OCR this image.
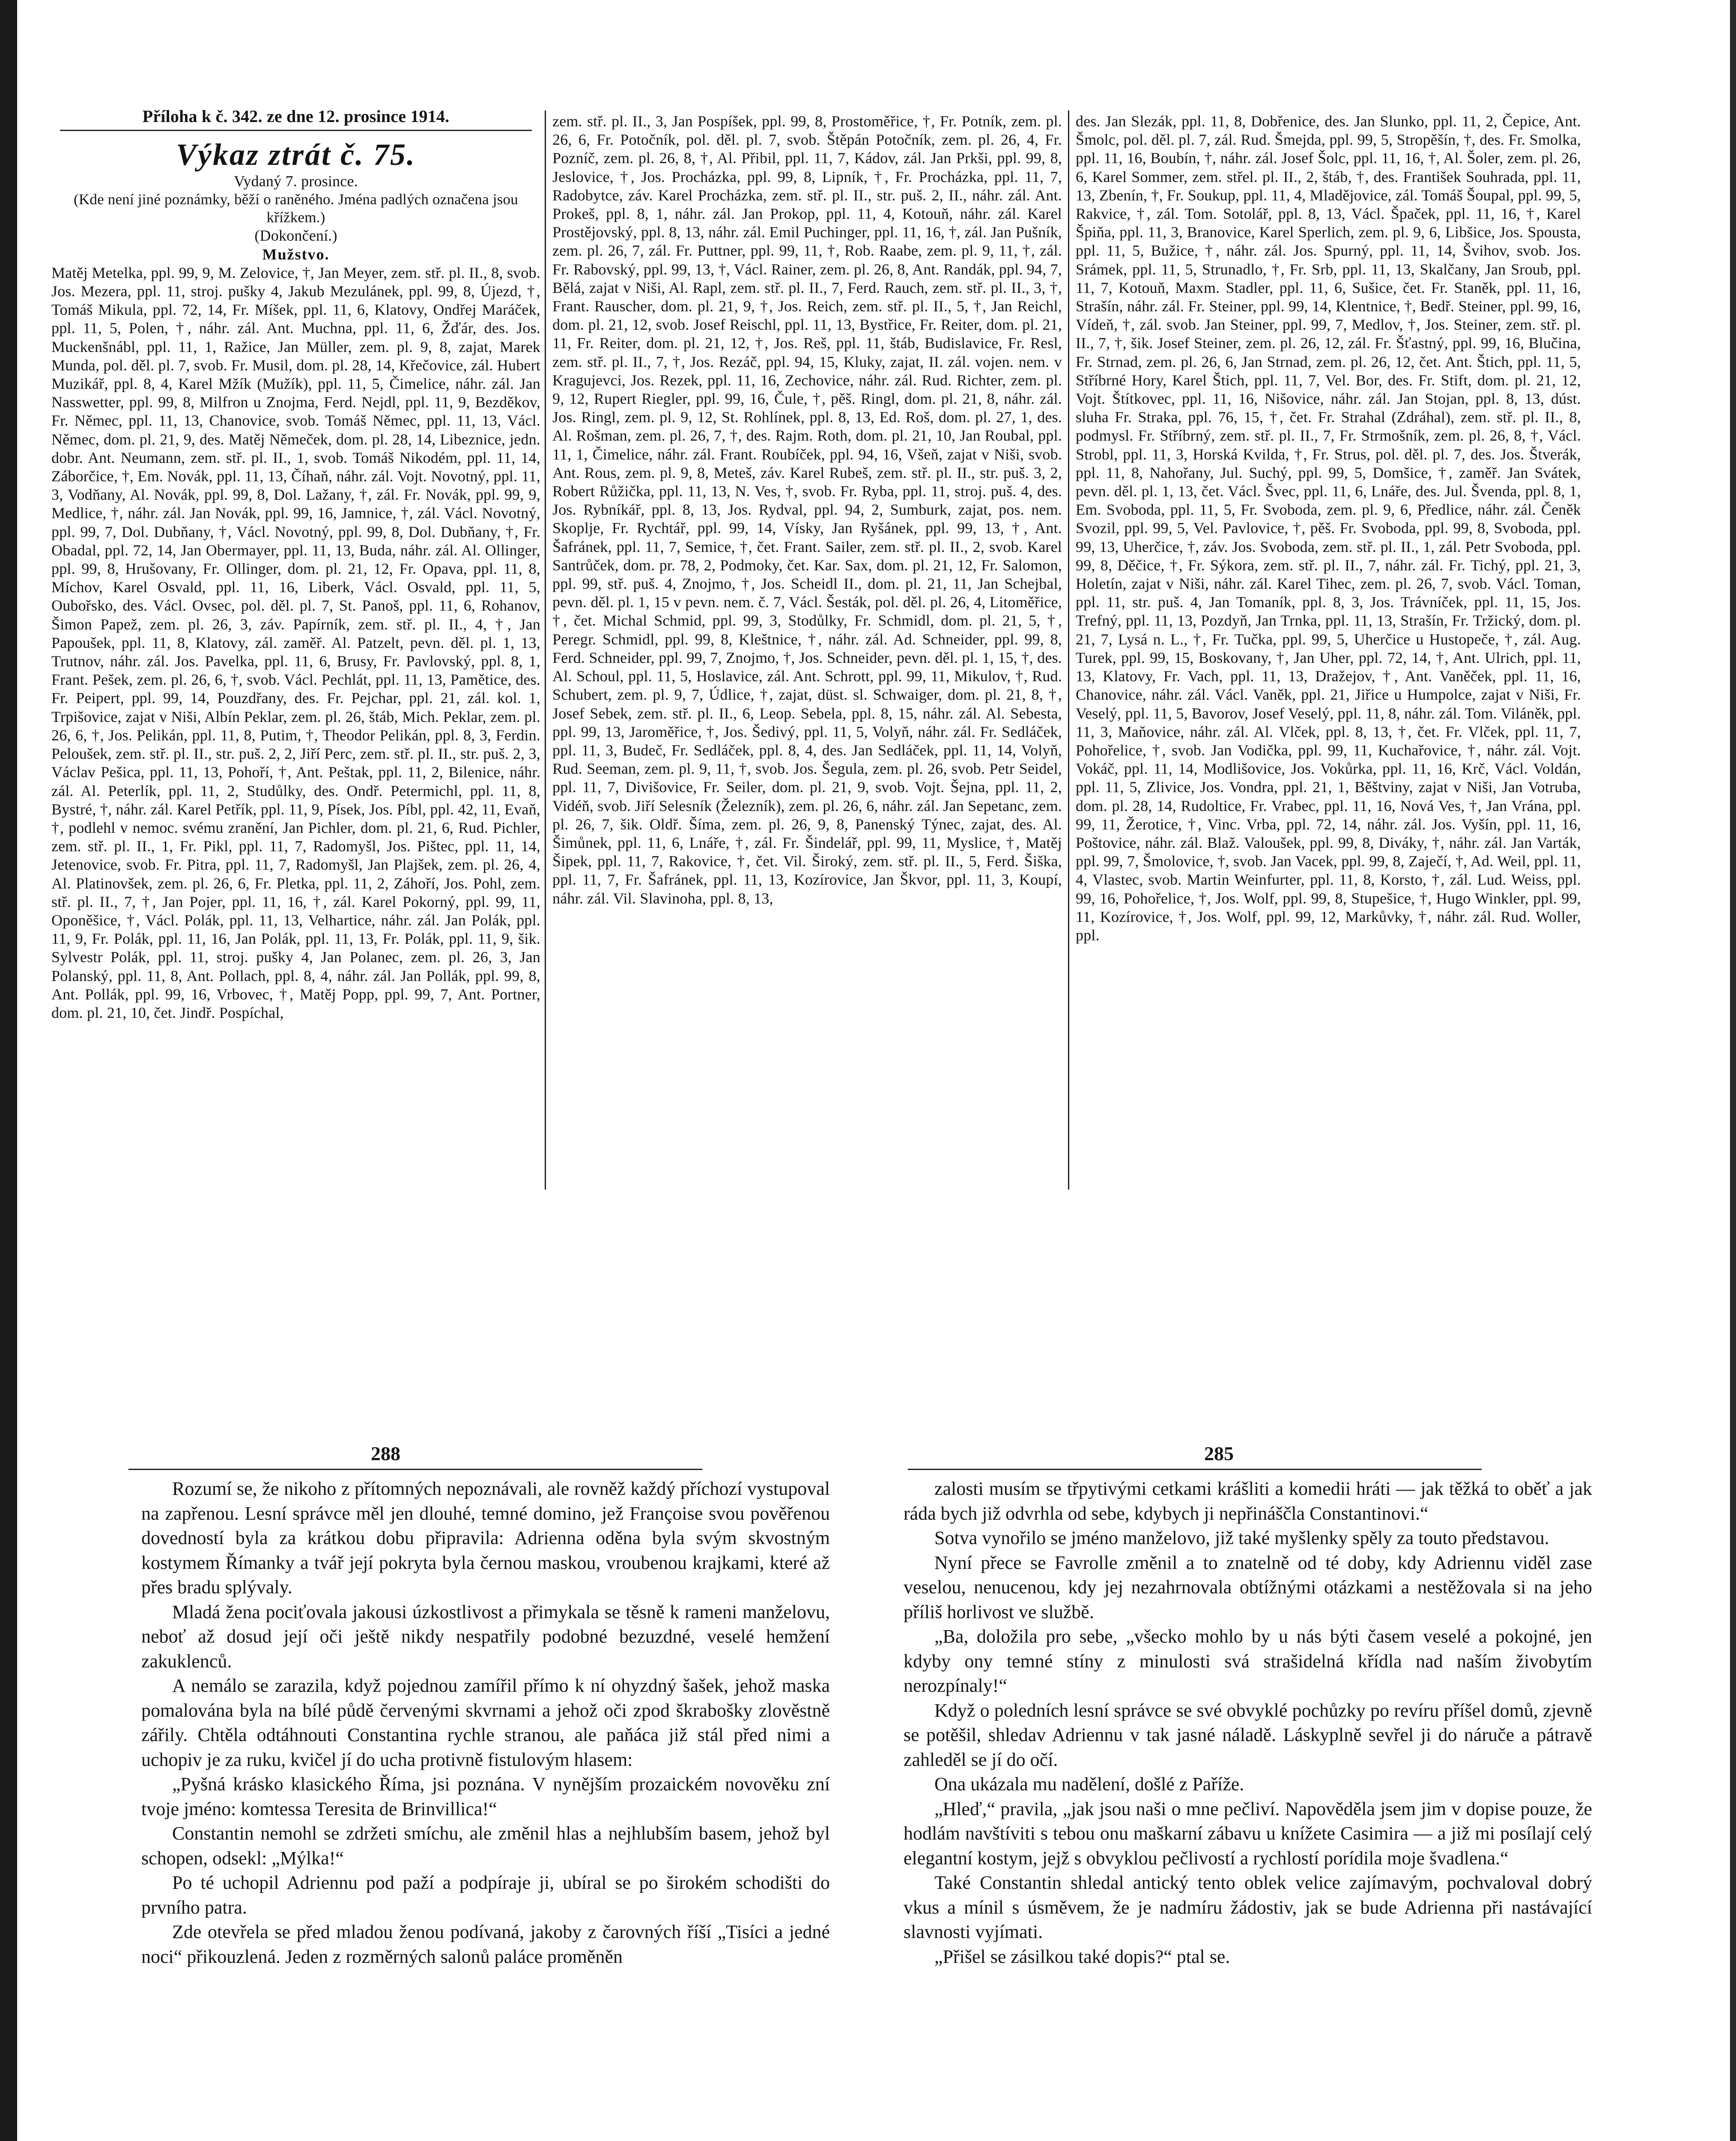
Příloha k č. 342. ze dne 12. prosince 1914.

Výkaz ztrát č. 75.

Vydaný 7. prosince.

(Kde není jiné poznámky, běží o raněného. Jména padlých označena jsou křížkem.)

(Dokončení.)

Mužstvo.

Matěj Metelka, ppl. 99, 9, M. Zelovice, †, Jan Meyer, zem. stř. pl. II., 8, svob. Jos. Mezera, ppl. 11, stroj. pušky 4, Jakub Mezulánek, ppl. 99, 8, Újezd, †, Tomáš Mikula, ppl. 72, 14, Fr. Míšek, ppl. 11, 6, Klatovy, Ondřej Maráček, ppl. 11, 5, Polen, †, náhr. zál. Ant. Muchna, ppl. 11, 6, Žďár, des. Jos. Muckenšnábl, ppl. 11, 1, Ražice, Jan Müller, zem. pl. 9, 8, zajat, Marek Munda, pol. děl. pl. 7, svob. Fr. Musil, dom. pl. 28, 14, Křečovice, zál. Hubert Muzikář, ppl. 8, 4, Karel Mžík (Mužík), ppl. 11, 5, Čimelice, náhr. zál. Jan Nasswetter, ppl. 99, 8, Milfron u Znojma, Ferd. Nejdl, ppl. 11, 9, Bezděkov, Fr. Němec, ppl. 11, 13, Chanovice, svob. Tomáš Němec, ppl. 11, 13, Václ. Němec, dom. pl. 21, 9, des. Matěj Němeček, dom. pl. 28, 14, Libeznice, jedn. dobr. Ant. Neumann, zem. stř. pl. II., 1, svob. Tomáš Nikodém, ppl. 11, 14, Záborčice, †, Em. Novák, ppl. 11, 13, Číhaň, náhr. zál. Vojt. Novotný, ppl. 11, 3, Vodňany, Al. Novák, ppl. 99, 8, Dol. Lažany, †, zál. Fr. Novák, ppl. 99, 9, Medlice, †, náhr. zál. Jan Novák, ppl. 99, 16, Jamnice, †, zál. Václ. Novotný, ppl. 99, 7, Dol. Dubňany, †, Václ. Novotný, ppl. 99, 8, Dol. Dubňany, †, Fr. Obadal, ppl. 72, 14, Jan Obermayer, ppl. 11, 13, Buda, náhr. zál. Al. Ollinger, ppl. 99, 8, Hrušovany, Fr. Ollinger, dom. pl. 21, 12, Fr. Opava, ppl. 11, 8, Míchov, Karel Osvald, ppl. 11, 16, Liberk, Václ. Osvald, ppl. 11, 5, Oubořsko, des. Václ. Ovsec, pol. děl. pl. 7, St. Panoš, ppl. 11, 6, Rohanov, Šimon Papež, zem. pl. 26, 3, záv. Papírník, zem. stř. pl. II., 4, †, Jan Papoušek, ppl. 11, 8, Klatovy, zál. zaměř. Al. Patzelt, pevn. děl. pl. 1, 13, Trutnov, náhr. zál. Jos. Pavelka, ppl. 11, 6, Brusy, Fr. Pavlovský, ppl. 8, 1, Frant. Pešek, zem. pl. 26, 6, †, svob. Václ. Pechlát, ppl. 11, 13, Pamětice, des. Fr. Peipert, ppl. 99, 14, Pouzdřany, des. Fr. Pejchar, ppl. 21, zál. kol. 1, Trpišovice, zajat v Niši, Albín Peklar, zem. pl. 26, štáb, Mich. Peklar, zem. pl. 26, 6, †, Jos. Pelikán, ppl. 11, 8, Putim, †, Theodor Pelikán, ppl. 8, 3, Ferdin. Peloušek, zem. stř. pl. II., str. puš. 2, 2, Jiří Perc, zem. stř. pl. II., str. puš. 2, 3, Václav Pešica, ppl. 11, 13, Pohoří, †, Ant. Peštak, ppl. 11, 2, Bilenice, náhr. zál. Al. Peterlík, ppl. 11, 2, Studůlky, des. Ondř. Petermichl, ppl. 11, 8, Bystré, †, náhr. zál. Karel Petřík, ppl. 11, 9, Písek, Jos. Píbl, ppl. 42, 11, Evaň, †, podlehl v nemoc. svému zranění, Jan Pichler, dom. pl. 21, 6, Rud. Pichler, zem. stř. pl. II., 1, Fr. Pikl, ppl. 11, 7, Radomyšl, Jos. Pištec, ppl. 11, 14, Jetenovice, svob. Fr. Pitra, ppl. 11, 7, Radomyšl, Jan Plajšek, zem. pl. 26, 4, Al. Platinovšek, zem. pl. 26, 6, Fr. Pletka, ppl. 11, 2, Záhoří, Jos. Pohl, zem. stř. pl. II., 7, †, Jan Pojer, ppl. 11, 16, †, zál. Karel Pokorný, ppl. 99, 11, Oponěšice, †, Václ. Polák, ppl. 11, 13, Velhartice, náhr. zál. Jan Polák, ppl. 11, 9, Fr. Polák, ppl. 11, 16, Jan Polák, ppl. 11, 13, Fr. Polák, ppl. 11, 9, šik. Sylvestr Polák, ppl. 11, stroj. pušky 4, Jan Polanec, zem. pl. 26, 3, Jan Polanský, ppl. 11, 8, Ant. Pollach, ppl. 8, 4, náhr. zál. Jan Pollák, ppl. 99, 8, Ant. Pollák, ppl. 99, 16, Vrbovec, †, Matěj Popp, ppl. 99, 7, Ant. Portner, dom. pl. 21, 10, čet. Jindř. Pospíchal,

zem. stř. pl. II., 3, Jan Pospíšek, ppl. 99, 8, Prostoměřice, †, Fr. Potník, zem. pl. 26, 6, Fr. Potočník, pol. děl. pl. 7, svob. Štěpán Potočník, zem. pl. 26, 4, Fr. Pozníč, zem. pl. 26, 8, †, Al. Přibil, ppl. 11, 7, Kádov, zál. Jan Prkši, ppl. 99, 8, Jeslovice, †, Jos. Procházka, ppl. 99, 8, Lipník, †, Fr. Procházka, ppl. 11, 7, Radobytce, záv. Karel Procházka, zem. stř. pl. II., str. puš. 2, II., náhr. zál. Ant. Prokeš, ppl. 8, 1, náhr. zál. Jan Prokop, ppl. 11, 4, Kotouň, náhr. zál. Karel Prostějovský, ppl. 8, 13, náhr. zál. Emil Puchinger, ppl. 11, 16, †, zál. Jan Pušník, zem. pl. 26, 7, zál. Fr. Puttner, ppl. 99, 11, †, Rob. Raabe, zem. pl. 9, 11, †, zál. Fr. Rabovský, ppl. 99, 13, †, Václ. Rainer, zem. pl. 26, 8, Ant. Randák, ppl. 94, 7, Bělá, zajat v Niši, Al. Rapl, zem. stř. pl. II., 7, Ferd. Rauch, zem. stř. pl. II., 3, †, Frant. Rauscher, dom. pl. 21, 9, †, Jos. Reich, zem. stř. pl. II., 5, †, Jan Reichl, dom. pl. 21, 12, svob. Josef Reischl, ppl. 11, 13, Bystřice, Fr. Reiter, dom. pl. 21, 11, Fr. Reiter, dom. pl. 21, 12, †, Jos. Reš, ppl. 11, štáb, Budislavice, Fr. Resl, zem. stř. pl. II., 7, †, Jos. Rezáč, ppl. 94, 15, Kluky, zajat, II. zál. vojen. nem. v Kragujevci, Jos. Rezek, ppl. 11, 16, Zechovice, náhr. zál. Rud. Richter, zem. pl. 9, 12, Rupert Riegler, ppl. 99, 16, Čule, †, pěš. Ringl, dom. pl. 21, 8, náhr. zál. Jos. Ringl, zem. pl. 9, 12, St. Rohlínek, ppl. 8, 13, Ed. Roš, dom. pl. 27, 1, des. Al. Rošman, zem. pl. 26, 7, †, des. Rajm. Roth, dom. pl. 21, 10, Jan Roubal, ppl. 11, 1, Čimelice, náhr. zál. Frant. Roubíček, ppl. 94, 16, Všeň, zajat v Niši, svob. Ant. Rous, zem. pl. 9, 8, Meteš, záv. Karel Rubeš, zem. stř. pl. II., str. puš. 3, 2, Robert Růžička, ppl. 11, 13, N. Ves, †, svob. Fr. Ryba, ppl. 11, stroj. puš. 4, des. Jos. Rybníkář, ppl. 8, 13, Jos. Rydval, ppl. 94, 2, Sumburk, zajat, pos. nem. Skoplje, Fr. Rychtář, ppl. 99, 14, Vísky, Jan Ryšánek, ppl. 99, 13, †, Ant. Šafránek, ppl. 11, 7, Semice, †, čet. Frant. Sailer, zem. stř. pl. II., 2, svob. Karel Santrůček, dom. pr. 78, 2, Podmoky, čet. Kar. Sax, dom. pl. 21, 12, Fr. Salomon, ppl. 99, stř. puš. 4, Znojmo, †, Jos. Scheidl II., dom. pl. 21, 11, Jan Schejbal, pevn. děl. pl. 1, 15 v pevn. nem. č. 7, Václ. Šesták, pol. děl. pl. 26, 4, Litoměřice, †, čet. Michal Schmid, ppl. 99, 3, Stodůlky, Fr. Schmidl, dom. pl. 21, 5, †, Peregr. Schmidl, ppl. 99, 8, Kleštnice, †, náhr. zál. Ad. Schneider, ppl. 99, 8, Ferd. Schneider, ppl. 99, 7, Znojmo, †, Jos. Schneider, pevn. děl. pl. 1, 15, †, des. Al. Schoul, ppl. 11, 5, Hoslavice, zál. Ant. Schrott, ppl. 99, 11, Mikulov, †, Rud. Schubert, zem. pl. 9, 7, Údlice, †, zajat, düst. sl. Schwaiger, dom. pl. 21, 8, †, Josef Sebek, zem. stř. pl. II., 6, Leop. Sebela, ppl. 8, 15, náhr. zál. Al. Sebesta, ppl. 99, 13, Jaroměřice, †, Jos. Šedivý, ppl. 11, 5, Volyň, náhr. zál. Fr. Sedláček, ppl. 11, 3, Budeč, Fr. Sedláček, ppl. 8, 4, des. Jan Sedláček, ppl. 11, 14, Volyň, Rud. Seeman, zem. pl. 9, 11, †, svob. Jos. Šegula, zem. pl. 26, svob. Petr Seidel, ppl. 11, 7, Divišovice, Fr. Seiler, dom. pl. 21, 9, svob. Vojt. Šejna, ppl. 11, 2, Vidéň, svob. Jiří Selesník (Železník), zem. pl. 26, 6, náhr. zál. Jan Sepetanc, zem. pl. 26, 7, šik. Oldř. Šíma, zem. pl. 26, 9, 8, Panenský Týnec, zajat, des. Al. Šimůnek, ppl. 11, 6, Lnáře, †, zál. Fr. Šindelář, ppl. 99, 11, Myslice, †, Matěj Šipek, ppl. 11, 7, Rakovice, †, čet. Vil. Široký, zem. stř. pl. II., 5, Ferd. Šiška, ppl. 11, 7, Fr. Šafránek, ppl. 11, 13, Kozírovice, Jan Škvor, ppl. 11, 3, Koupí, náhr. zál. Vil. Slavinoha, ppl. 8, 13,

des. Jan Slezák, ppl. 11, 8, Dobřenice, des. Jan Slunko, ppl. 11, 2, Čepice, Ant. Šmolc, pol. děl. pl. 7, zál. Rud. Šmejda, ppl. 99, 5, Stropěšín, †, des. Fr. Smolka, ppl. 11, 16, Boubín, †, náhr. zál. Josef Šolc, ppl. 11, 16, †, Al. Šoler, zem. pl. 26, 6, Karel Sommer, zem. střel. pl. II., 2, štáb, †, des. František Souhrada, ppl. 11, 13, Zbenín, †, Fr. Soukup, ppl. 11, 4, Mladějovice, zál. Tomáš Šoupal, ppl. 99, 5, Rakvice, †, zál. Tom. Sotolář, ppl. 8, 13, Václ. Špaček, ppl. 11, 16, †, Karel Špiňa, ppl. 11, 3, Branovice, Karel Sperlich, zem. pl. 9, 6, Libšice, Jos. Spousta, ppl. 11, 5, Bužice, †, náhr. zál. Jos. Spurný, ppl. 11, 14, Švihov, svob. Jos. Srámek, ppl. 11, 5, Strunadlo, †, Fr. Srb, ppl. 11, 13, Skalčany, Jan Sroub, ppl. 11, 7, Kotouň, Maxm. Stadler, ppl. 11, 6, Sušice, čet. Fr. Staněk, ppl. 11, 16, Strašín, náhr. zál. Fr. Steiner, ppl. 99, 14, Klentnice, †, Bedř. Steiner, ppl. 99, 16, Vídeň, †, zál. svob. Jan Steiner, ppl. 99, 7, Medlov, †, Jos. Steiner, zem. stř. pl. II., 7, †, šik. Josef Steiner, zem. pl. 26, 12, zál. Fr. Šťastný, ppl. 99, 16, Blučina, Fr. Strnad, zem. pl. 26, 6, Jan Strnad, zem. pl. 26, 12, čet. Ant. Štich, ppl. 11, 5, Stříbrné Hory, Karel Štich, ppl. 11, 7, Vel. Bor, des. Fr. Stift, dom. pl. 21, 12, Vojt. Štítkovec, ppl. 11, 16, Nišovice, náhr. zál. Jan Stojan, ppl. 8, 13, dúst. sluha Fr. Straka, ppl. 76, 15, †, čet. Fr. Strahal (Zdráhal), zem. stř. pl. II., 8, podmysl. Fr. Stříbrný, zem. stř. pl. II., 7, Fr. Strmošník, zem. pl. 26, 8, †, Václ. Strobl, ppl. 11, 3, Horská Kvilda, †, Fr. Strus, pol. děl. pl. 7, des. Jos. Štverák, ppl. 11, 8, Nahořany, Jul. Suchý, ppl. 99, 5, Domšice, †, zaměř. Jan Svátek, pevn. děl. pl. 1, 13, čet. Václ. Švec, ppl. 11, 6, Lnáře, des. Jul. Švenda, ppl. 8, 1, Em. Svoboda, ppl. 11, 5, Fr. Svoboda, zem. pl. 9, 6, Předlice, náhr. zál. Čeněk Svozil, ppl. 99, 5, Vel. Pavlovice, †, pěš. Fr. Svoboda, ppl. 99, 8, Svoboda, ppl. 99, 13, Uherčice, †, záv. Jos. Svoboda, zem. stř. pl. II., 1, zál. Petr Svoboda, ppl. 99, 8, Děčice, †, Fr. Sýkora, zem. stř. pl. II., 7, náhr. zál. Fr. Tichý, ppl. 21, 3, Holetín, zajat v Niši, náhr. zál. Karel Tihec, zem. pl. 26, 7, svob. Václ. Toman, ppl. 11, str. puš. 4, Jan Tomaník, ppl. 8, 3, Jos. Trávníček, ppl. 11, 15, Jos. Trefný, ppl. 11, 13, Pozdyň, Jan Trnka, ppl. 11, 13, Strašín, Fr. Tržický, dom. pl. 21, 7, Lysá n. L., †, Fr. Tučka, ppl. 99, 5, Uherčice u Hustopeče, †, zál. Aug. Turek, ppl. 99, 15, Boskovany, †, Jan Uher, ppl. 72, 14, †, Ant. Ulrich, ppl. 11, 13, Klatovy, Fr. Vach, ppl. 11, 13, Dražejov, †, Ant. Vaněček, ppl. 11, 16, Chanovice, náhr. zál. Václ. Vaněk, ppl. 21, Jiřice u Humpolce, zajat v Niši, Fr. Veselý, ppl. 11, 5, Bavorov, Josef Veselý, ppl. 11, 8, náhr. zál. Tom. Viláněk, ppl. 11, 3, Maňovice, náhr. zál. Al. Vlček, ppl. 8, 13, †, čet. Fr. Vlček, ppl. 11, 7, Pohořelice, †, svob. Jan Vodička, ppl. 99, 11, Kuchařovice, †, náhr. zál. Vojt. Vokáč, ppl. 11, 14, Modlišovice, Jos. Vokůrka, ppl. 11, 16, Krč, Václ. Voldán, ppl. 11, 5, Zlivice, Jos. Vondra, ppl. 21, 1, Běštviny, zajat v Niši, Jan Votruba, dom. pl. 28, 14, Rudoltice, Fr. Vrabec, ppl. 11, 16, Nová Ves, †, Jan Vrána, ppl. 99, 11, Žerotice, †, Vinc. Vrba, ppl. 72, 14, náhr. zál. Jos. Vyšín, ppl. 11, 16, Poštovice, náhr. zál. Blaž. Valoušek, ppl. 99, 8, Diváky, †, náhr. zál. Jan Varták, ppl. 99, 7, Šmolovice, †, svob. Jan Vacek, ppl. 99, 8, Zaječí, †, Ad. Weil, ppl. 11, 4, Vlastec, svob. Martin Weinfurter, ppl. 11, 8, Korsto, †, zál. Lud. Weiss, ppl. 99, 16, Pohořelice, †, Jos. Wolf, ppl. 99, 8, Stupešice, †, Hugo Winkler, ppl. 99, 11, Kozírovice, †, Jos. Wolf, ppl. 99, 12, Markůvky, †, náhr. zál. Rud. Woller, ppl.

288	285

Rozumí se, že nikoho z přítomných nepoznávali, ale rovněž každý příchozí vystupoval na zapřenou. Lesní správce měl jen dlouhé, temné domino, jež Françoise svou pověřenou dovedností byla za krátkou dobu připravila: Adrienna oděna byla svým skvostným kostymem Římanky a tvář její pokryta byla černou maskou, vroubenou krajkami, které až přes bradu splývaly.

Mladá žena pociťovala jakousi úzkostlivost a přimykala se těsně k rameni manželovu, neboť až dosud její oči ještě nikdy nespatřily podobné bezuzdné, veselé hemžení zakuklenců.

A nemálo se zarazila, když pojednou zamířil přímo k ní ohyzdný šašek, jehož maska pomalována byla na bílé půdě červenými skvrnami a jehož oči zpod škrabošky zlověstně zářily. Chtěla odtáhnouti Constantina rychle stranou, ale paňáca již stál před nimi a uchopiv je za ruku, kvičel jí do ucha protivně fistulovým hlasem:

„Pyšná krásko klasického Říma, jsi poznána. V nynějším prozaickém novověku zní tvoje jméno: komtessa Teresita de Brinvillica!“

Constantin nemohl se zdržeti smíchu, ale změnil hlas a nejhlubším basem, jehož byl schopen, odsekl: „Mýlka!“

Po té uchopil Adriennu pod paží a podpíraje ji, ubíral se po širokém schodišti do prvního patra.

Zde otevřela se před mladou ženou podívaná, jakoby z čarovných říší „Tisíci a jedné noci“ přikouzlená. Jeden z rozměrných salonů paláce proměněn

zalosti musím se třpytivými cetkami krášliti a komedii hráti — jak těžká to oběť a jak ráda bych již odvrhla od sebe, kdybych ji nepřináščla Constantinovi.“

Sotva vynořilo se jméno manželovo, již také myšlenky spěly za touto představou.

Nyní přece se Favrolle změnil a to znatelně od té doby, kdy Adriennu viděl zase veselou, nenucenou, kdy jej nezahrnovala obtížnými otázkami a nestěžovala si na jeho příliš horlivost ve službě.

„Ba, doložila pro sebe, „všecko mohlo by u nás býti časem veselé a pokojné, jen kdyby ony temné stíny z minulosti svá strašidelná křídla nad naším živobytím nerozpínaly!“

Když o poledních lesní správce se své obvyklé pochůzky po revíru příšel domů, zjevně se potěšil, shledav Adriennu v tak jasné náladě. Láskyplně sevřel ji do náruče a pátravě zahleděl se jí do očí.

Ona ukázala mu nadělení, došlé z Paříže.

„Hleď,“ pravila, „jak jsou naši o mne pečliví. Napověděla jsem jim v dopise pouze, že hodlám navštíviti s tebou onu maškarní zábavu u knížete Casimira — a již mi posílají celý elegantní kostym, jejž s obvyklou pečlivostí a rychlostí porídila moje švadlena.“

Také Constantin shledal antický tento oblek velice zajímavým, pochvaloval dobrý vkus a mínil s úsměvem, že je nadmíru žádostiv, jak se bude Adrienna při nastávající slavnosti vyjímati.

„Přišel se zásilkou také dopis?“ ptal se.
